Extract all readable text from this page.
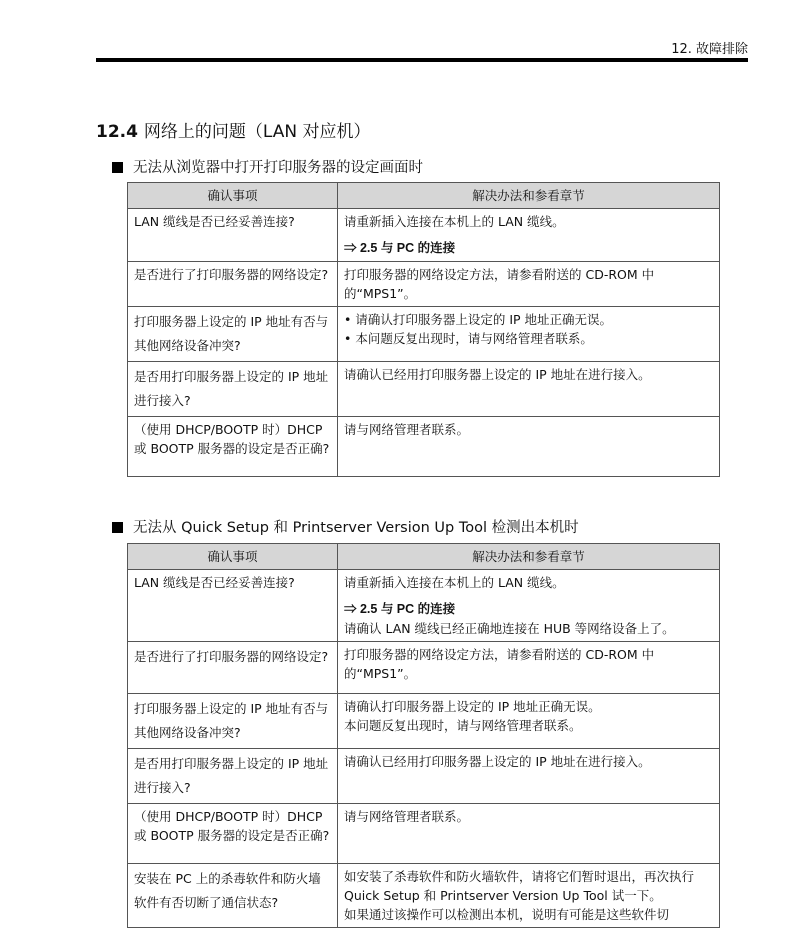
12. 故障排除
12.4 网络上的问题（LAN 对应机）
无法从浏览器中打开打印服务器的设定画面时
确认事项	解决办法和参看章节
LAN 缆线是否已经妥善连接?	请重新插入连接在本机上的 LAN 缆线。
⇒ 2.5 与 PC 的连接

是否进行了打印服务器的网络设定?	打印服务器的网络设定方法，请参看附送的 CD-ROM 中的“MPS1”。
打印服务器上设定的 IP 地址有否与其他网络设备冲突?	• 请确认打印服务器上设定的 IP 地址正确无误。
• 本问题反复出现时，请与网络管理者联系。

是否用打印服务器上设定的 IP 地址进行接入?	请确认已经用打印服务器上设定的 IP 地址在进行接入。
（使用 DHCP/BOOTP 时）DHCP 或 BOOTP 服务器的设定是否正确?	请与网络管理者联系。
无法从 Quick Setup 和 Printserver Version Up Tool 检测出本机时
确认事项	解决办法和参看章节
LAN 缆线是否已经妥善连接?	请重新插入连接在本机上的 LAN 缆线。
⇒ 2.5 与 PC 的连接
请确认 LAN 缆线已经正确地连接在 HUB 等网络设备上了。

是否进行了打印服务器的网络设定?	打印服务器的网络设定方法，请参看附送的 CD-ROM 中的“MPS1”。
打印服务器上设定的 IP 地址有否与其他网络设备冲突?	请确认打印服务器上设定的 IP 地址正确无误。
本问题反复出现时，请与网络管理者联系。

是否用打印服务器上设定的 IP 地址进行接入?	请确认已经用打印服务器上设定的 IP 地址在进行接入。
（使用 DHCP/BOOTP 时）DHCP 或 BOOTP 服务器的设定是否正确?	请与网络管理者联系。
安装在 PC 上的杀毒软件和防火墙软件有否切断了通信状态?	如安装了杀毒软件和防火墙软件，请将它们暂时退出，再次执行 Quick Setup 和 Printserver Version Up Tool 试一下。
如果通过该操作可以检测出本机，说明有可能是这些软件切
